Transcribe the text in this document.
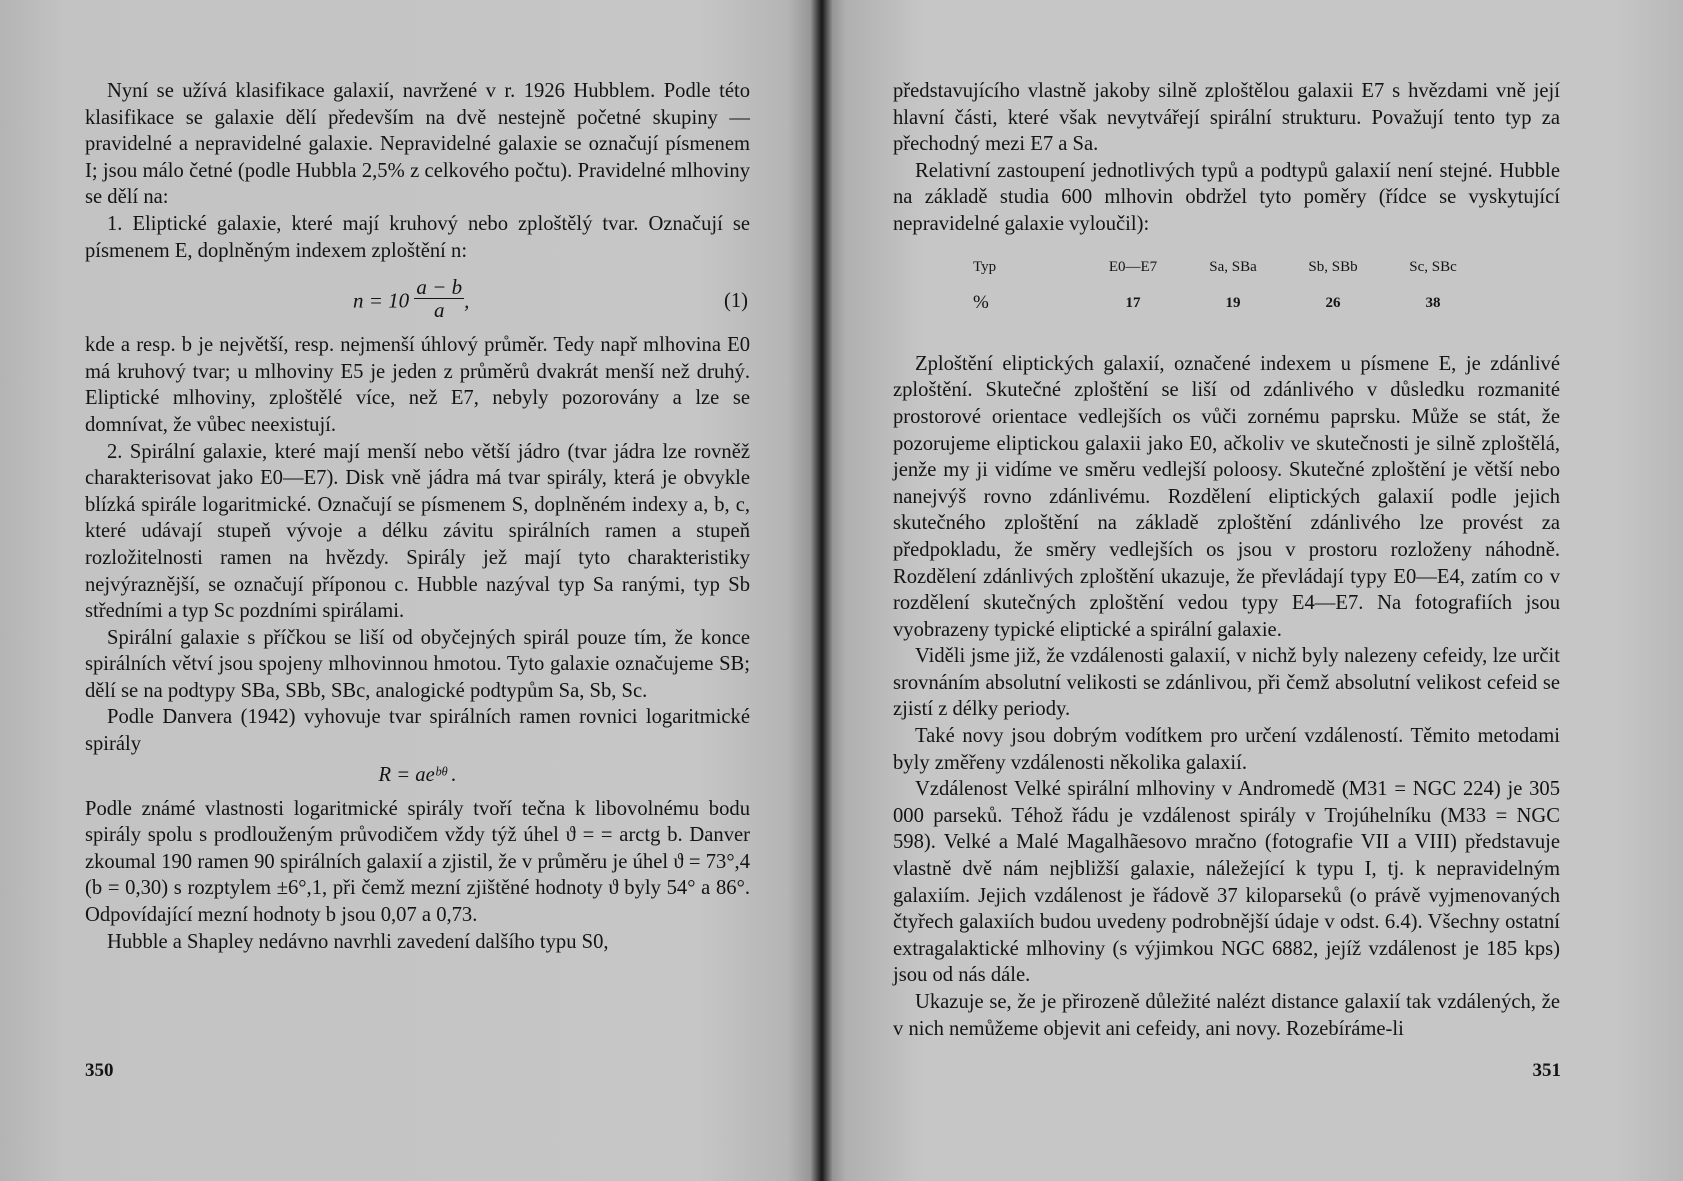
Nyní se užívá klasifikace galaxií, navržené v r. 1926 Hubblem. Podle této klasifikace se galaxie dělí především na dvě nestejně početné skupiny — pravidelné a nepravidelné galaxie. Nepravidelné galaxie se označují písmenem I; jsou málo četné (podle Hubbla 2,5% z celkového počtu). Pravidelné mlhoviny se dělí na:

1. Eliptické galaxie, které mají kruhový nebo zploštělý tvar. Označují se písmenem E, doplněným indexem zploštění n:

$n = 10 \frac{a - b}{a}$ ,	(1)

kde a resp. b je největší, resp. nejmenší úhlový průměr. Tedy např mlhovina E0 má kruhový tvar; u mlhoviny E5 je jeden z průměrů dvakrát menší než druhý. Eliptické mlhoviny, zploštělé více, než E7, nebyly pozorovány a lze se domnívat, že vůbec neexistují.

2. Spirální galaxie, které mají menší nebo větší jádro (tvar jádra lze rovněž charakterisovat jako E0—E7). Disk vně jádra má tvar spirály, která je obvykle blízká spirále logaritmické. Označují se písmenem S, doplněném indexy a, b, c, které udávají stupeň vývoje a délku závitu spirálních ramen a stupeň rozložitelnosti ramen na hvězdy. Spirály jež mají tyto charakteristiky nejvýraznější, se označují příponou c. Hubble nazýval typ Sa ranými, typ Sb středními a typ Sc pozdními spirálami.

Spirální galaxie s příčkou se liší od obyčejných spirál pouze tím, že konce spirálních větví jsou spojeny mlhovinnou hmotou. Tyto galaxie označujeme SB; dělí se na podtypy SBa, SBb, SBc, analogické podtypům Sa, Sb, Sc.

Podle Danvera (1942) vyhovuje tvar spirálních ramen rovnici logaritmické spirály

R = aeᵇᶿ .

Podle známé vlastnosti logaritmické spirály tvoří tečna k libovolnému bodu spirály spolu s prodlouženým průvodičem vždy týž úhel ϑ = = arctg b. Danver zkoumal 190 ramen 90 spirálních galaxií a zjistil, že v průměru je úhel ϑ = 73°,4 (b = 0,30) s rozptylem ±6°,1, při čemž mezní zjištěné hodnoty ϑ byly 54° a 86°. Odpovídající mezní hodnoty b jsou 0,07 a 0,73.

Hubble a Shapley nedávno navrhli zavedení dalšího typu S0,

350

představujícího vlastně jakoby silně zploštělou galaxii E7 s hvězdami vně její hlavní části, které však nevytvářejí spirální strukturu. Považují tento typ za přechodný mezi E7 a Sa.

Relativní zastoupení jednotlivých typů a podtypů galaxií není stejné. Hubble na základě studia 600 mlhovin obdržel tyto poměry (řídce se vyskytující nepravidelné galaxie vyloučil):

Typ	E0—E7	Sa, SBa	Sb, SBb	Sc, SBc
%	17	19	26	38

Zploštění eliptických galaxií, označené indexem u písmene E, je zdánlivé zploštění. Skutečné zploštění se liší od zdánlivého v důsledku rozmanité prostorové orientace vedlejších os vůči zornému paprsku. Může se stát, že pozorujeme eliptickou galaxii jako E0, ačkoliv ve skutečnosti je silně zploštělá, jenže my ji vidíme ve směru vedlejší poloosy. Skutečné zploštění je větší nebo nanejvýš rovno zdánlivému. Rozdělení eliptických galaxií podle jejich skutečného zploštění na základě zploštění zdánlivého lze provést za předpokladu, že směry vedlejších os jsou v prostoru rozloženy náhodně. Rozdělení zdánlivých zploštění ukazuje, že převládají typy E0—E4, zatím co v rozdělení skutečných zploštění vedou typy E4—E7. Na fotografiích jsou vyobrazeny typické eliptické a spirální galaxie.

Viděli jsme již, že vzdálenosti galaxií, v nichž byly nalezeny cefeidy, lze určit srovnáním absolutní velikosti se zdánlivou, při čemž absolutní velikost cefeid se zjistí z délky periody.

Také novy jsou dobrým vodítkem pro určení vzdáleností. Těmito metodami byly změřeny vzdálenosti několika galaxií.

Vzdálenost Velké spirální mlhoviny v Andromedě (M31 = NGC 224) je 305 000 parseků. Téhož řádu je vzdálenost spirály v Trojúhelníku (M33 = NGC 598). Velké a Malé Magalhãesovo mračno (fotografie VII a VIII) představuje vlastně dvě nám nejbližší galaxie, náležející k typu I, tj. k nepravidelným galaxiím. Jejich vzdálenost je řádově 37 kiloparseků (o právě vyjmenovaných čtyřech galaxiích budou uvedeny podrobnější údaje v odst. 6.4). Všechny ostatní extragalaktické mlhoviny (s výjimkou NGC 6882, jejíž vzdálenost je 185 kps) jsou od nás dále.

Ukazuje se, že je přirozeně důležité nalézt distance galaxií tak vzdálených, že v nich nemůžeme objevit ani cefeidy, ani novy. Rozebíráme-li

351
